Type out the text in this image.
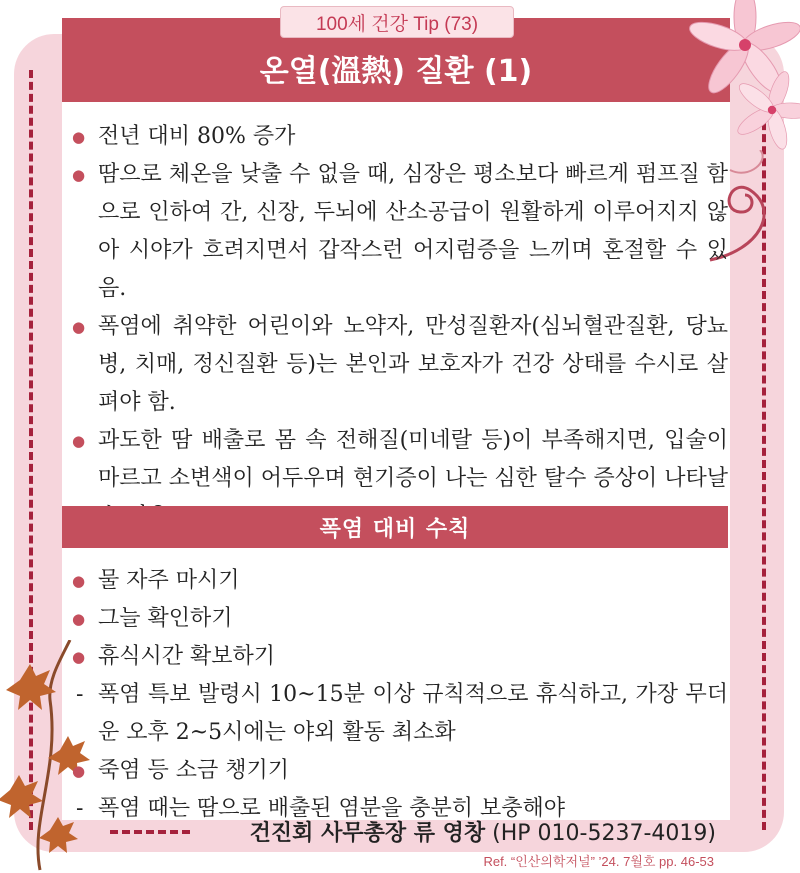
온열(溫熱) 질환 (1)
100세 건강 Tip (73)
● 전년 대비 80% 증가
● 땀으로 체온을 낮출 수 없을 때, 심장은 평소보다 빠르게 펌프질 함으로 인하여 간, 신장, 두뇌에 산소공급이 원활하게 이루어지지 않아 시야가 흐려지면서 갑작스런 어지럼증을 느끼며 혼절할 수 있음.
● 폭염에 취약한 어린이와 노약자, 만성질환자(심뇌혈관질환, 당뇨병, 치매, 정신질환 등)는 본인과 보호자가 건강 상태를 수시로 살펴야 함.
● 과도한 땀 배출로 몸 속 전해질(미네랄 등)이 부족해지면, 입술이 마르고 소변색이 어두우며 현기증이 나는 심한 탈수 증상이 나타날
폭염 대비 수칙
● 물 자주 마시기
● 그늘 확인하기
● 휴식시간 확보하기
- 폭염 특보 발령시 10~15분 이상 규칙적으로 휴식하고, 가장 무더운 오후 2~5시에는 야외 활동 최소화
● 죽염 등 소금 챙기기
- 폭염 때는 땀으로 배출된 염분을 충분히 보충해야
건진회 사무총장 류 영창 (HP 010-5237-4019)
Ref. “인산의학저널” ’24. 7월호 pp. 46-53
